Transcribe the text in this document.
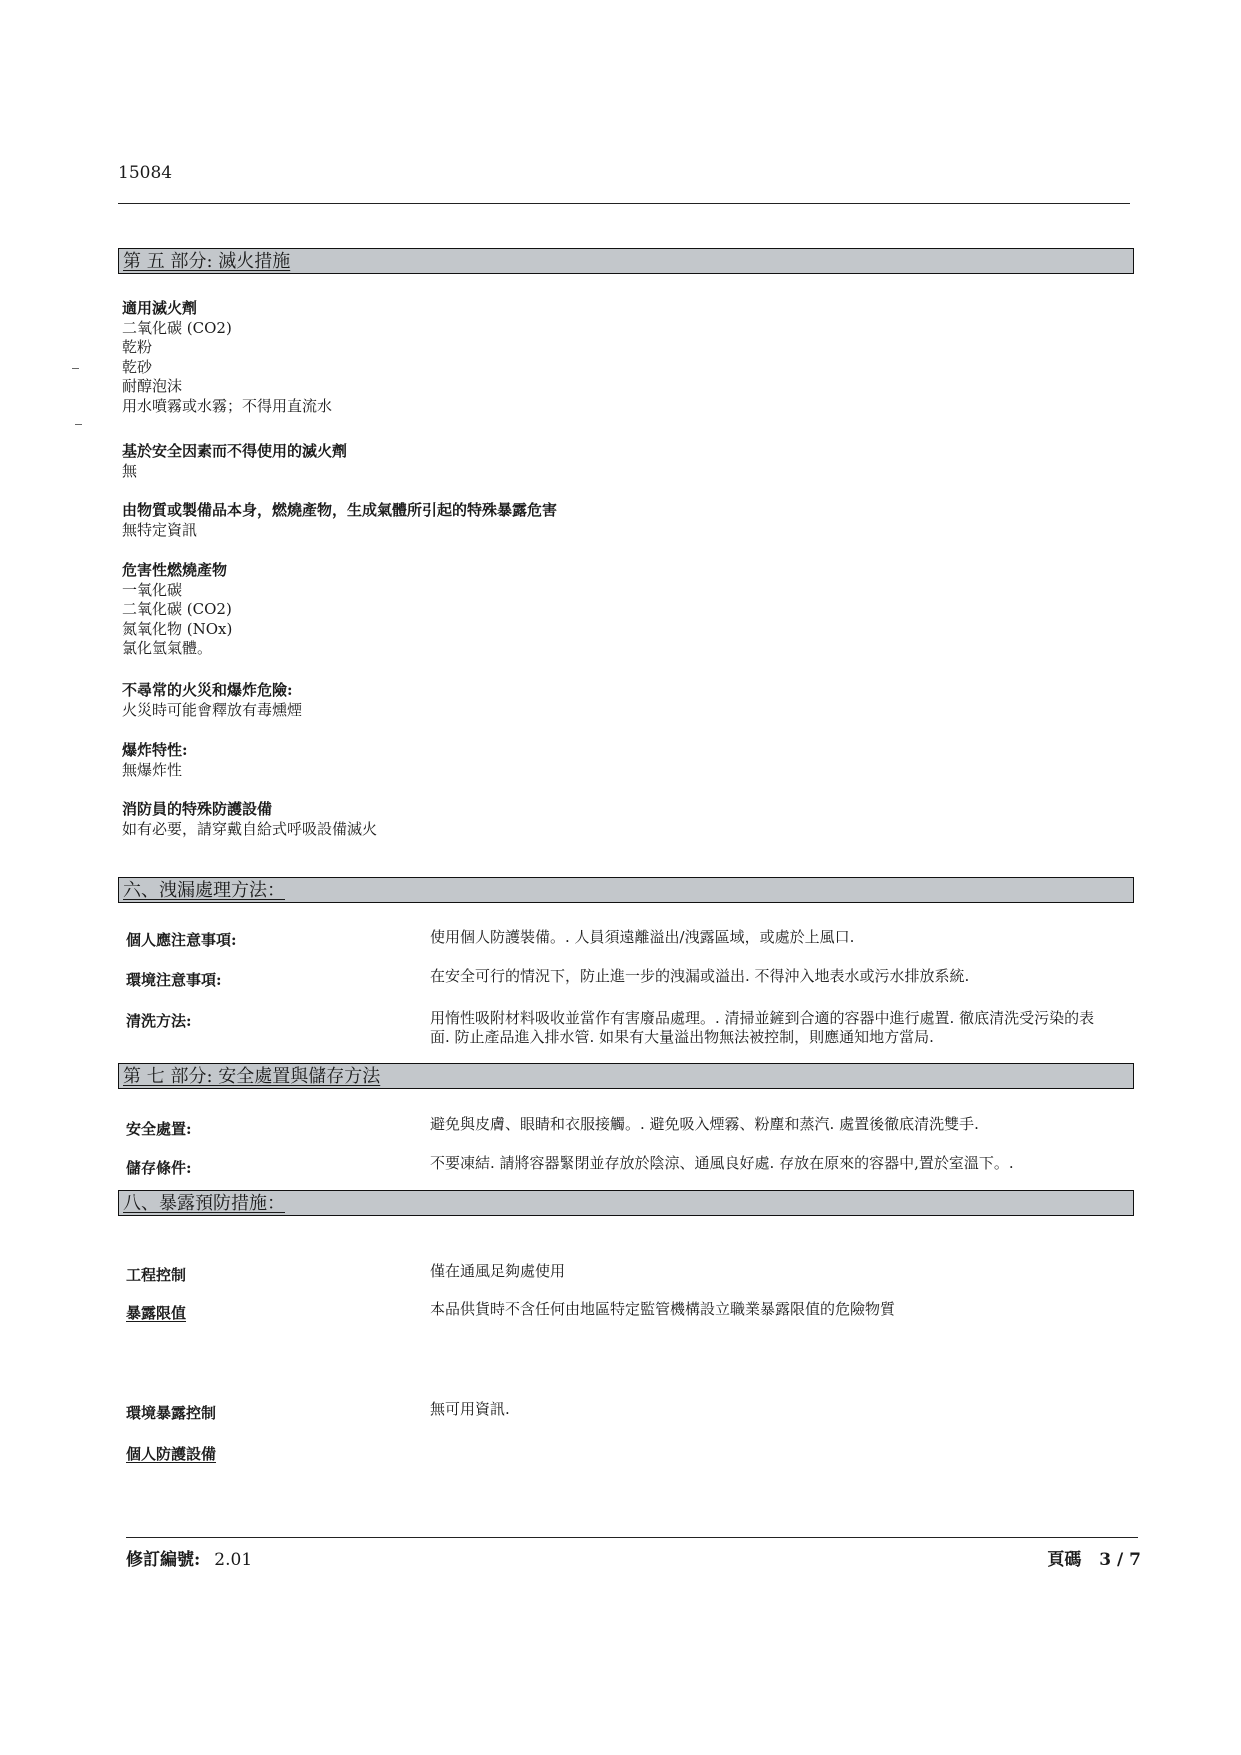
15084
第 五 部分: 滅火措施
適用滅火劑
二氧化碳 (CO2)
乾粉
乾砂
耐醇泡沫
用水噴霧或水霧；不得用直流水
基於安全因素而不得使用的滅火劑
無
由物質或製備品本身，燃燒產物，生成氣體所引起的特殊暴露危害
無特定資訊
危害性燃燒產物
一氧化碳
二氧化碳 (CO2)
氮氧化物 (NOx)
氯化氫氣體。
不尋常的火災和爆炸危險:
火災時可能會釋放有毒燻煙
爆炸特性:
無爆炸性
消防員的特殊防護設備
如有必要，請穿戴自給式呼吸設備滅火
六、洩漏處理方法：
個人應注意事項:	使用個人防護裝備。. 人員須遠離溢出/洩露區域，或處於上風口.
環境注意事項:	在安全可行的情況下，防止進一步的洩漏或溢出. 不得沖入地表水或污水排放系統.
清洗方法:	用惰性吸附材料吸收並當作有害廢品處理。. 清掃並鏟到合適的容器中進行處置. 徹底清洗受污染的表面. 防止產品進入排水管. 如果有大量溢出物無法被控制，則應通知地方當局.
第 七 部分: 安全處置與儲存方法
安全處置:	避免與皮膚、眼睛和衣服接觸。. 避免吸入煙霧、粉塵和蒸汽. 處置後徹底清洗雙手.
儲存條件:	不要凍結. 請將容器緊閉並存放於陰涼、通風良好處. 存放在原來的容器中,置於室溫下。.
八、暴露預防措施：
工程控制	僅在通風足夠處使用
暴露限值	本品供貨時不含任何由地區特定監管機構設立職業暴露限值的危險物質
環境暴露控制	無可用資訊.
個人防護設備
修訂編號: 2.01	頁碼 3 / 7
